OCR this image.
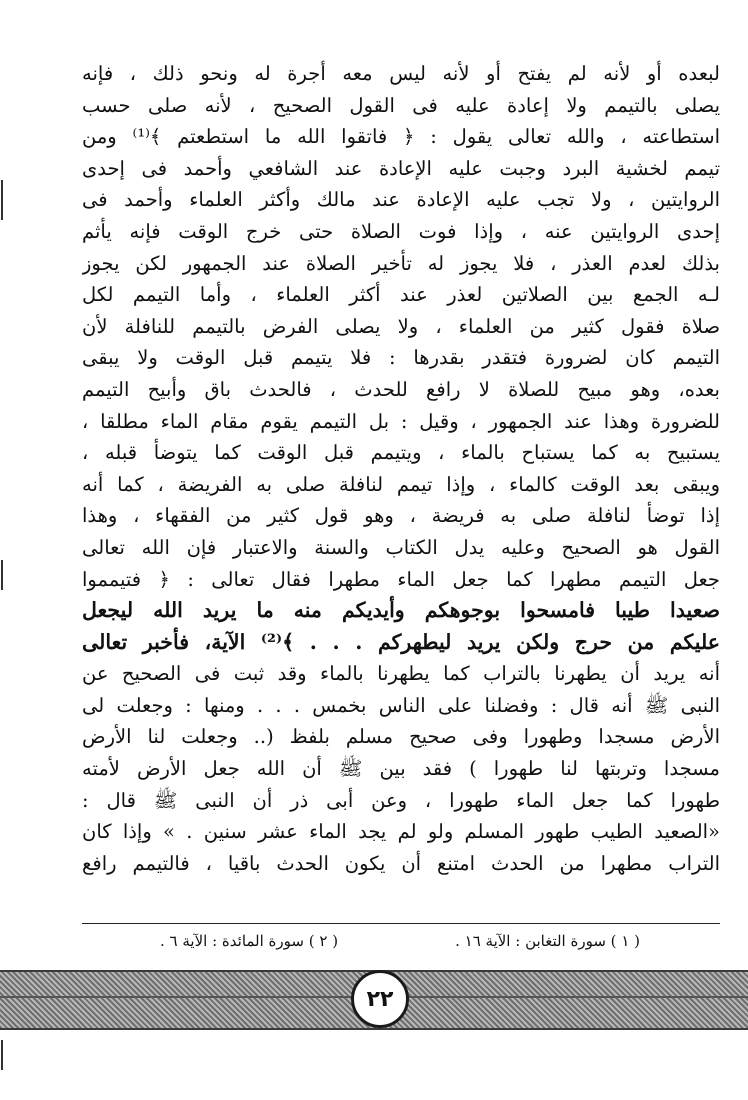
لبعده أو لأنه لم يفتح أو لأنه ليس معه أجرة له ونحو ذلك ، فإنه
يصلى بالتيمم ولا إعادة عليه فى القول الصحيح ، لأنه صلى حسب
استطاعته ، والله تعالى يقول : ﴿ فاتقوا الله ما استطعتم ﴾⁽¹⁾ ومن
تيمم لخشية البرد وجبت عليه الإعادة عند الشافعي وأحمد فى إحدى
الروايتين ، ولا تجب عليه الإعادة عند مالك وأكثر العلماء وأحمد فى
إحدى الروايتين عنه ، وإذا فوت الصلاة حتى خرج الوقت فإنه يأثم
بذلك لعدم العذر ، فلا يجوز له تأخير الصلاة عند الجمهور لكن يجوز
لـه الجمع بين الصلاتين لعذر عند أكثر العلماء ، وأما التيمم لكل
صلاة فقول كثير من العلماء ، ولا يصلى الفرض بالتيمم للنافلة لأن
التيمم كان لضرورة فتقدر بقدرها : فلا يتيمم قبل الوقت ولا يبقى
بعده، وهو مبيح للصلاة لا رافع للحدث ، فالحدث باق وأبيح التيمم
للضرورة وهذا عند الجمهور ، وقيل : بل التيمم يقوم مقام الماء مطلقا ،
يستبيح به كما يستباح بالماء ، ويتيمم قبل الوقت كما يتوضأ قبله ،
ويبقى بعد الوقت كالماء ، وإذا تيمم لنافلة صلى به الفريضة ، كما أنه
إذا توضأ لنافلة صلى به فريضة ، وهو قول كثير من الفقهاء ، وهذا
القول هو الصحيح وعليه يدل الكتاب والسنة والاعتبار فإن الله تعالى
جعل التيمم مطهرا كما جعل الماء مطهرا فقال تعالى : ﴿ فتيمموا
صعيدا طيبا فامسحوا بوجوهكم وأيديكم منه ما يريد الله ليجعل
عليكم من حرج ولكن يريد ليطهركم . . . ﴾⁽²⁾ الآية، فأخبر تعالى
أنه يريد أن يطهرنا بالتراب كما يطهرنا بالماء وقد ثبت فى الصحيح عن
النبى ﷺ أنه قال : وفضلنا على الناس بخمس . . . ومنها : وجعلت لى
الأرض مسجدا وطهورا وفى صحيح مسلم بلفظ (.. وجعلت لنا الأرض
مسجدا وتربتها لنا طهورا ) فقد بين ﷺ أن الله جعل الأرض لأمته
طهورا كما جعل الماء طهورا ، وعن أبى ذر أن النبى ﷺ قال :
«الصعيد الطيب طهور المسلم ولو لم يجد الماء عشر سنين . » وإذا كان
التراب مطهرا من الحدث امتنع أن يكون الحدث باقيا ، فالتيمم رافع
( ١ ) سورة التغابن : الآية ١٦ .
( ٢ ) سورة المائدة : الآية ٦ .
٢٢
